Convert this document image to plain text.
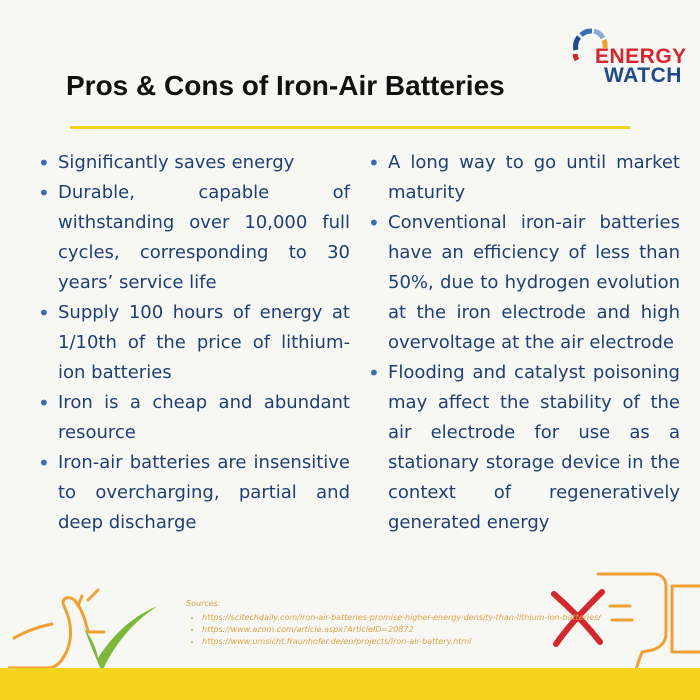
ENERGY
WATCH
Pros & Cons of Iron-Air Batteries
• Significantly saves energy
• Durable, capable of withstanding over 10,000 full cycles, corresponding to 30 years’ service life
• Supply 100 hours of energy at 1/10th of the price of lithium-ion batteries
• Iron is a cheap and abundant resource
• Iron-air batteries are insensitive to overcharging, partial and deep discharge
• A long way to go until market maturity
• Conventional iron-air batteries have an efficiency of less than 50%, due to hydrogen evolution at the iron electrode and high overvoltage at the air electrode
• Flooding and catalyst poisoning may affect the stability of the air electrode for use as a stationary storage device in the context of regeneratively generated energy
Sources:
• https://scitechdaily.com/iron-air-batteries-promise-higher-energy-density-than-lithium-ion-batteries/
• https://www.azom.com/article.aspx?ArticleID=20872
• https://www.umsicht.fraunhofer.de/en/projects/iron-air-battery.html
